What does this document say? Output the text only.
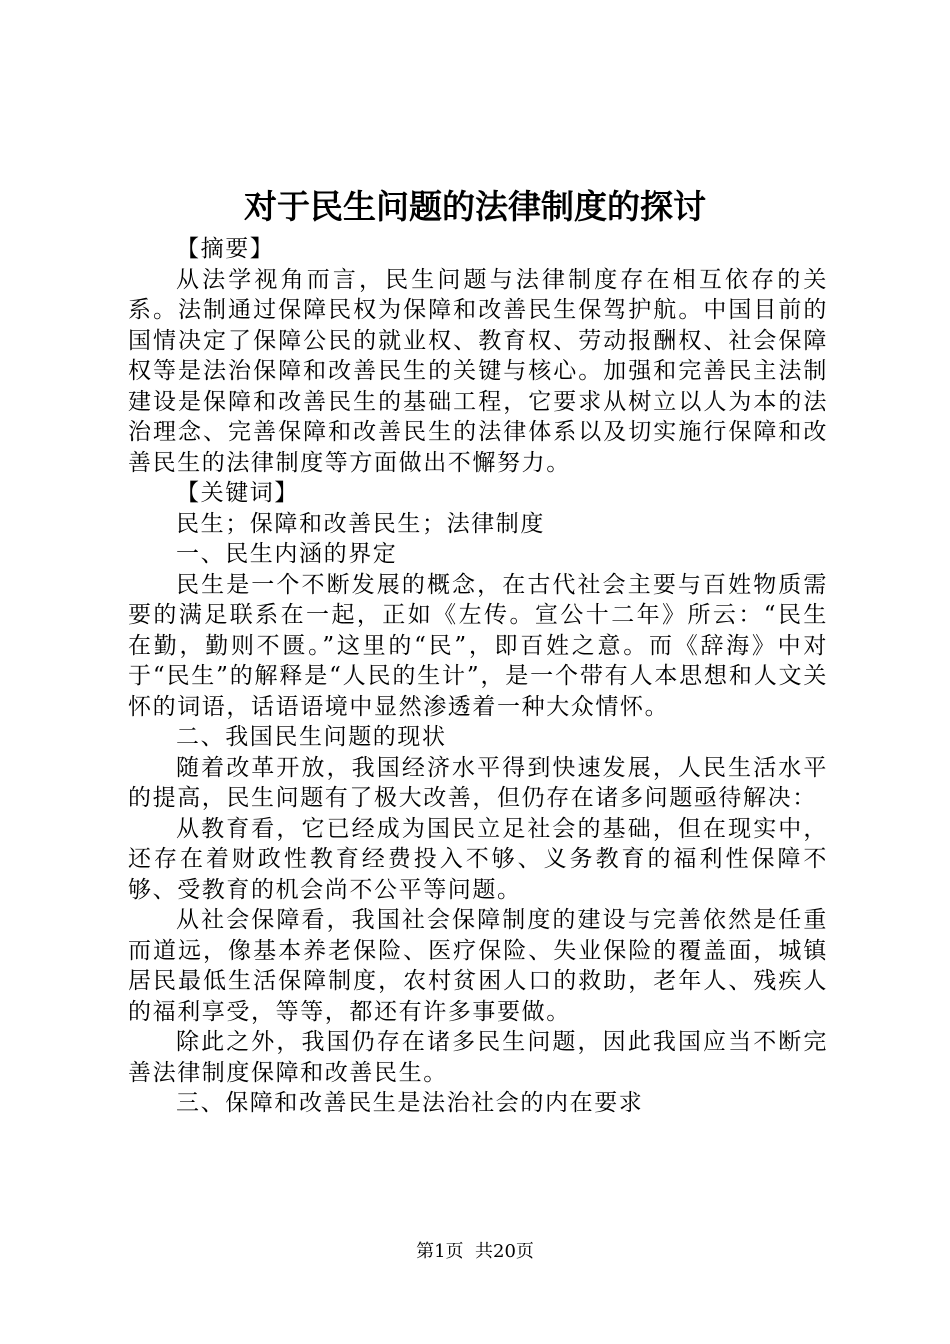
对于民生问题的法律制度的探讨

【摘要】

从法学视角而言，民生问题与法律制度存在相互依存的关系。法制通过保障民权为保障和改善民生保驾护航。中国目前的国情决定了保障公民的就业权、教育权、劳动报酬权、社会保障权等是法治保障和改善民生的关键与核心。加强和完善民主法制建设是保障和改善民生的基础工程，它要求从树立以人为本的法治理念、完善保障和改善民生的法律体系以及切实施行保障和改善民生的法律制度等方面做出不懈努力。

【关键词】

民生；保障和改善民生；法律制度

一、民生内涵的界定

民生是一个不断发展的概念，在古代社会主要与百姓物质需要的满足联系在一起，正如《左传。宣公十二年》所云：“民生在勤，勤则不匮。”这里的“民”，即百姓之意。而《辞海》中对于“民生”的解释是“人民的生计”，是一个带有人本思想和人文关怀的词语，话语语境中显然渗透着一种大众情怀。

二、我国民生问题的现状

随着改革开放，我国经济水平得到快速发展，人民生活水平的提高，民生问题有了极大改善，但仍存在诸多问题亟待解决：

从教育看，它已经成为国民立足社会的基础，但在现实中，还存在着财政性教育经费投入不够、义务教育的福利性保障不够、受教育的机会尚不公平等问题。

从社会保障看，我国社会保障制度的建设与完善依然是任重而道远，像基本养老保险、医疗保险、失业保险的覆盖面，城镇居民最低生活保障制度，农村贫困人口的救助，老年人、残疾人的福利享受，等等，都还有许多事要做。

除此之外，我国仍存在诸多民生问题，因此我国应当不断完善法律制度保障和改善民生。

三、保障和改善民生是法治社会的内在要求

第1页  共20页
